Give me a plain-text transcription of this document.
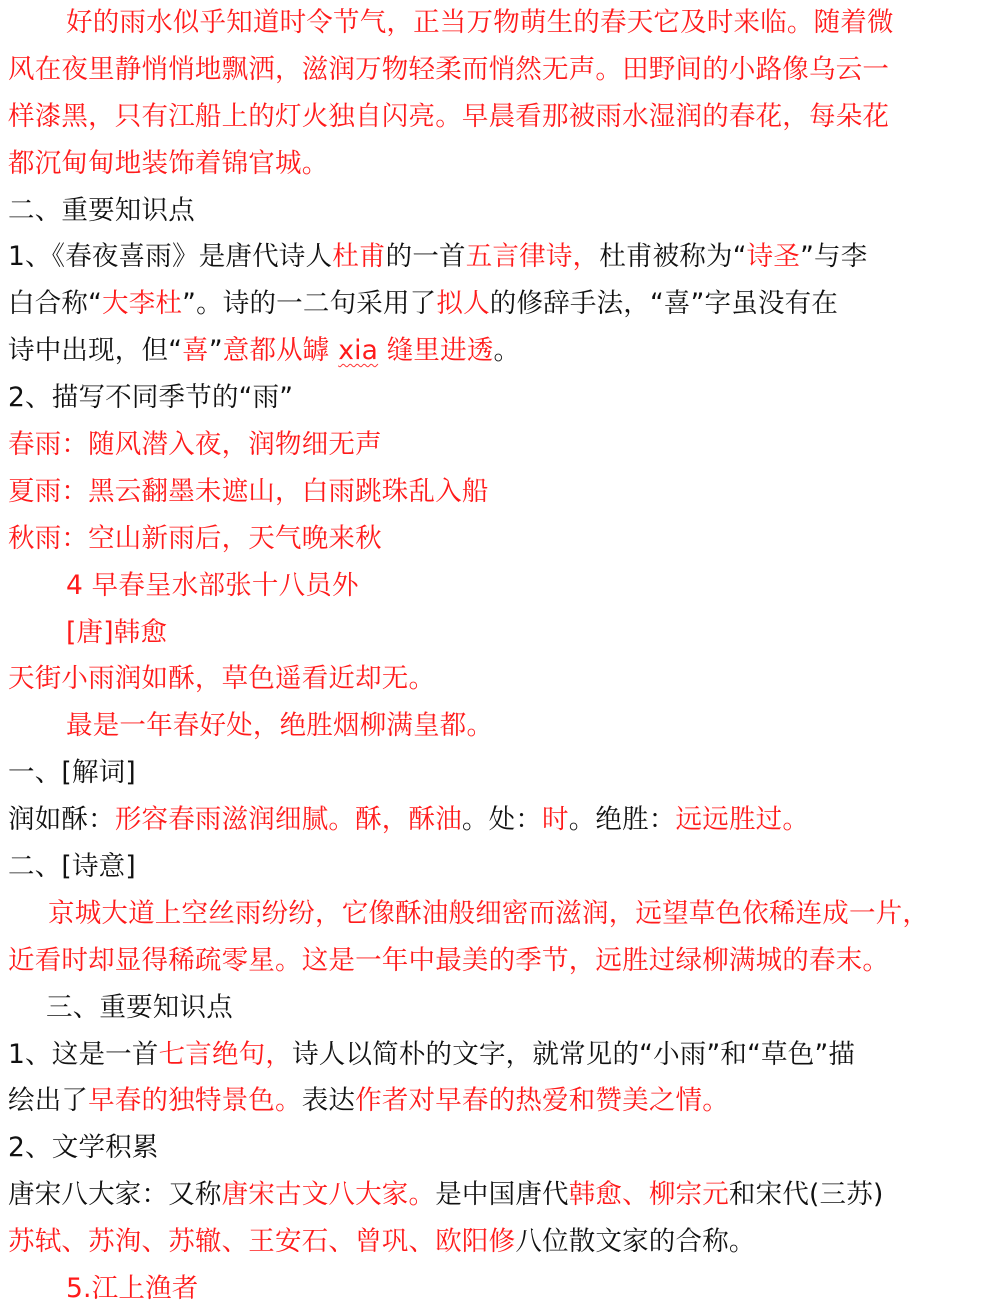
好的雨水似乎知道时令节气，正当万物萌生的春天它及时来临。随着微
风在夜里静悄悄地飘洒，滋润万物轻柔而悄然无声。田野间的小路像乌云一
样漆黑，只有江船上的灯火独自闪亮。早晨看那被雨水湿润的春花，每朵花
都沉甸甸地装饰着锦官城。
二、重要知识点
1、《春夜喜雨》是唐代诗人杜甫的一首五言律诗，杜甫被称为“诗圣”与李
白合称“大李杜”。诗的一二句采用了拟人的修辞手法，“喜”字虽没有在
诗中出现，但“喜”意都从罅 xia 缝里进透。
2、描写不同季节的“雨”
春雨：随风潜入夜，润物细无声
夏雨：黑云翻墨未遮山，白雨跳珠乱入船
秋雨：空山新雨后，天气晚来秋
4 早春呈水部张十八员外
[唐]韩愈
天街小雨润如酥，草色遥看近却无。
最是一年春好处，绝胜烟柳满皇都。
一、[解词]
润如酥：形容春雨滋润细腻。酥，酥油。处：时。绝胜：远远胜过。
二、[诗意]
京城大道上空丝雨纷纷，它像酥油般细密而滋润，远望草色依稀连成一片，
近看时却显得稀疏零星。这是一年中最美的季节，远胜过绿柳满城的春末。
三、重要知识点
1、这是一首七言绝句，诗人以简朴的文字，就常见的“小雨”和“草色”描
绘出了早春的独特景色。表达作者对早春的热爱和赞美之情。
2、文学积累
唐宋八大家：又称唐宋古文八大家。是中国唐代韩愈、柳宗元和宋代(三苏)
苏轼、苏洵、苏辙、王安石、曾巩、欧阳修八位散文家的合称。
5.江上渔者
